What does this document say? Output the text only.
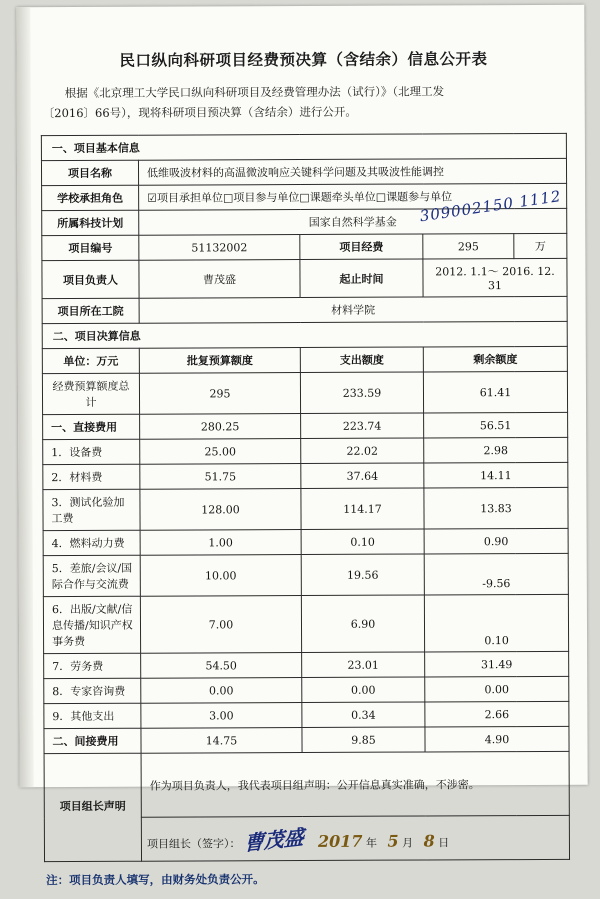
民口纵向科研项目经费预决算（含结余）信息公开表
根据《北京理工大学民口纵向科研项目及经费管理办法（试行）》（北理工发
〔2016〕66号），现将科研项目预决算（含结余）进行公开。
一、项目基本信息				
项目名称	低维吸波材料的高温微波响应关键科学问题及其吸波性能调控			
学校承担角色	☑项目承担单位□项目参与单位□课题牵头单位□课题参与单位			
所属科技计划	国家自然科学基金 309002150 1112			

项目编号	51132002	项目经费	295	万
项目负责人	曹茂盛	起止时间	2012. 1.1～ 2016. 12. 31	
项目所在工院	材料学院			
二、项目决算信息				
单位：万元	批复预算额度	支出额度	剩余额度	
经费预算额度总计	295	233.59	61.41	
一、直接费用	280.25	223.74	56.51	
1．设备费	25.00	22.02	2.98	
2．材料费	51.75	37.64	14.11	
3．测试化验加工费	128.00	114.17	13.83	
4．燃料动力费	1.00	0.10	0.90	
5．差旅/会议/国际合作与交流费	10.00	19.56	-9.56	
6．出版/文献/信息传播/知识产权事务费	7.00	6.90	0.10	
7．劳务费	54.50	23.01	31.49	
8．专家咨询费	0.00	0.00	0.00	
9．其他支出	3.00	0.34	2.66	
二、间接费用	14.75	9.85	4.90	
项目组长声明	作为项目负责人，我代表项目组声明：公开信息真实准确，不涉密。			
	项目组长（签字）： 曹茂盛 2017 年 5 月 8 日			
注：项目负责人填写，由财务处负责公开。
